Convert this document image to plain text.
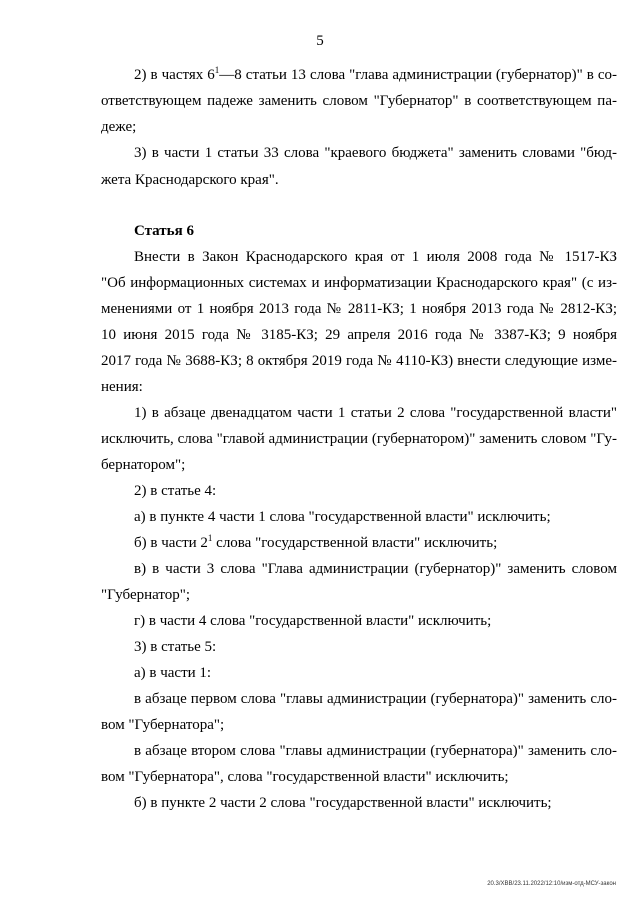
5
2) в частях $6^1—8$ статьи 13 слова "глава администрации (губернатор)" в со-
ответствующем падеже заменить словом "Губернатор" в соответствующем па-
деже;
3) в части 1 статьи 33 слова "краевого бюджета" заменить словами "бюд-
жета Краснодарского края".
Статья 6
Внести в Закон Краснодарского края от 1 июля 2008 года № 1517-КЗ
"Об информационных системах и информатизации Краснодарского края" (с из-
менениями от 1 ноября 2013 года № 2811-КЗ; 1 ноября 2013 года № 2812-КЗ;
10 июня 2015 года № 3185-КЗ; 29 апреля 2016 года № 3387-КЗ; 9 ноября
2017 года № 3688-КЗ; 8 октября 2019 года № 4110-КЗ) внести следующие изме-
нения:
1) в абзаце двенадцатом части 1 статьи 2 слова "государственной власти"
исключить, слова "главой администрации (губернатором)" заменить словом "Гу-
бернатором";
2) в статье 4:
а) в пункте 4 части 1 слова "государственной власти" исключить;
б) в части $2^1$ слова "государственной власти" исключить;
в) в части 3 слова "Глава администрации (губернатор)" заменить словом
"Губернатор";
г) в части 4 слова "государственной власти" исключить;
3) в статье 5:
а) в части 1:
в абзаце первом слова "главы администрации (губернатора)" заменить сло-
вом "Губернатора";
в абзаце втором слова "главы администрации (губернатора)" заменить сло-
вом "Губернатора", слова "государственной власти" исключить;
б) в пункте 2 части 2 слова "государственной власти" исключить;
20.3/ХВВ/23.11.2022/12:10/изм-отд-МСУ-закон
